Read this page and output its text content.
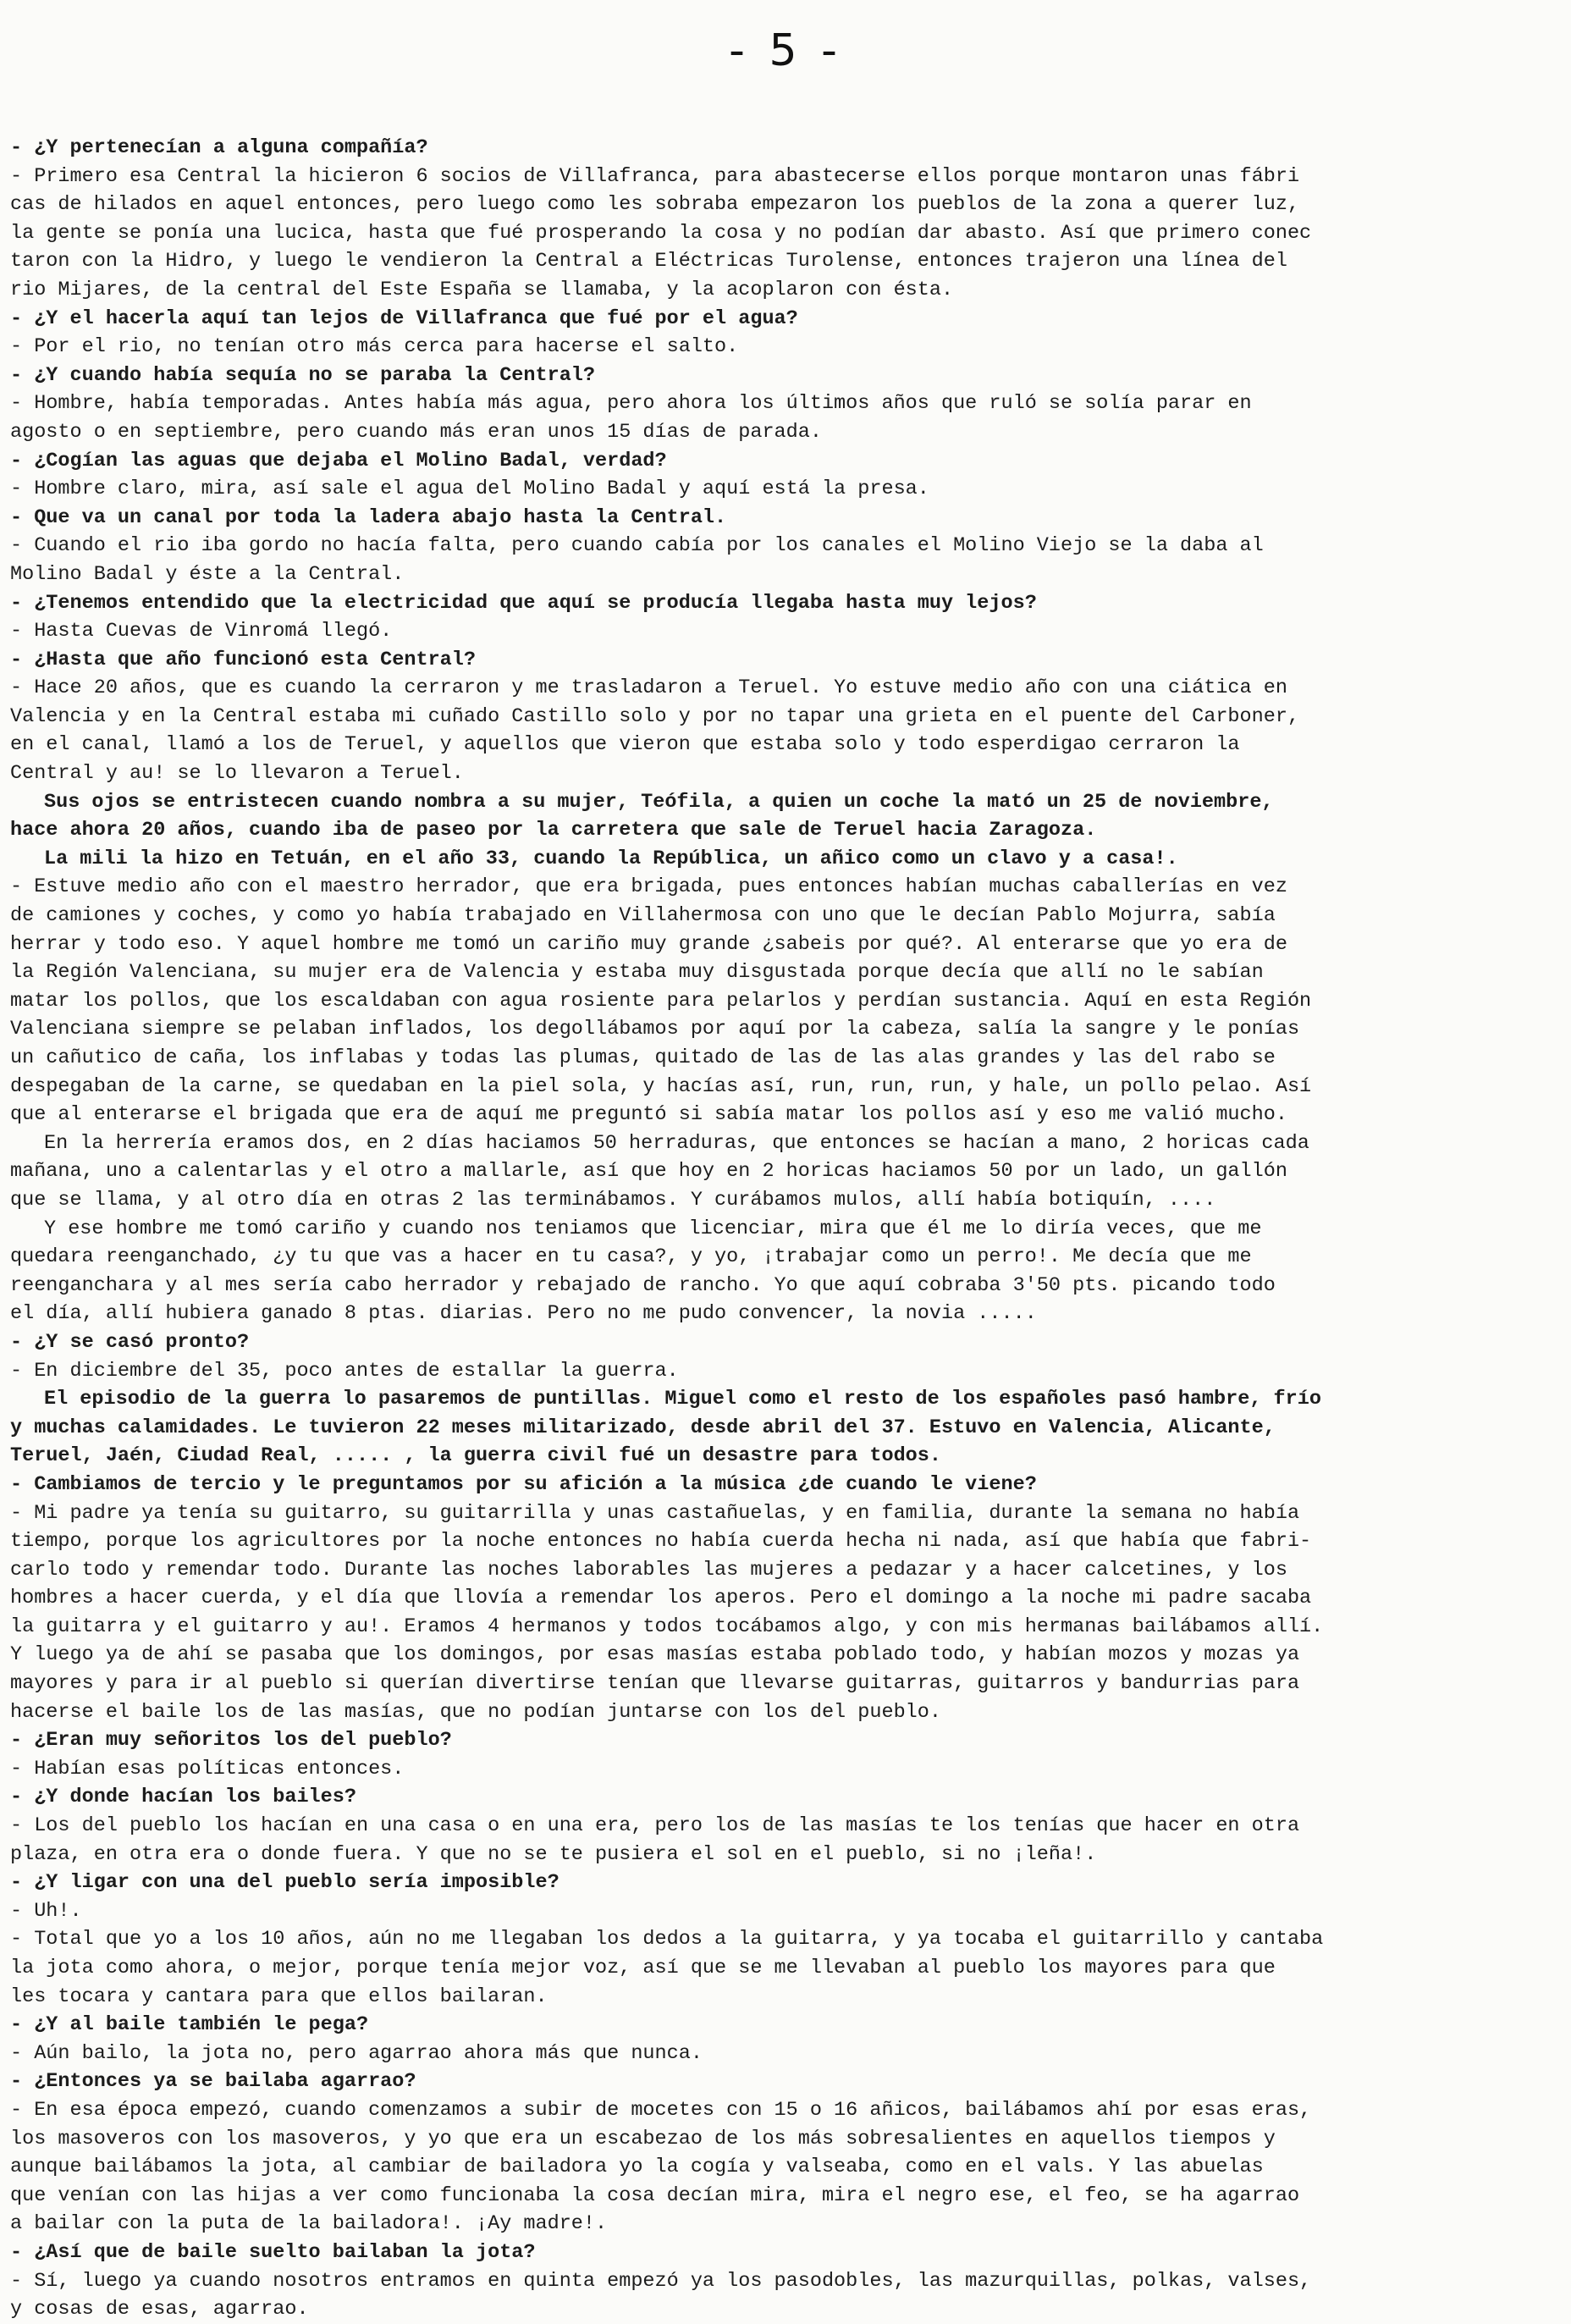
- 5 -
- ¿Y pertenecían a alguna compañía?
- Primero esa Central la hicieron 6 socios de Villafranca, para abastecerse ellos porque montaron unas fábri
cas de hilados en aquel entonces, pero luego como les sobraba empezaron los pueblos de la zona a querer luz,
la gente se ponía una lucica, hasta que fué prosperando la cosa y no podían dar abasto. Así que primero conec
taron con la Hidro, y luego le vendieron la Central a Eléctricas Turolense, entonces trajeron una línea del
rio Mijares, de la central del Este España se llamaba, y la acoplaron con ésta.
- ¿Y el hacerla aquí tan lejos de Villafranca que fué por el agua?
- Por el rio, no tenían otro más cerca para hacerse el salto.
- ¿Y cuando había sequía no se paraba la Central?
- Hombre, había temporadas. Antes había más agua, pero ahora los últimos años que ruló se solía parar en
agosto o en septiembre, pero cuando más eran unos 15 días de parada.
- ¿Cogían las aguas que dejaba el Molino Badal, verdad?
- Hombre claro, mira, así sale el agua del Molino Badal y aquí está la presa.
- Que va un canal por toda la ladera abajo hasta la Central.
- Cuando el rio iba gordo no hacía falta, pero cuando cabía por los canales el Molino Viejo se la daba al
Molino Badal y éste a la Central.
- ¿Tenemos entendido que la electricidad que aquí se producía llegaba hasta muy lejos?
- Hasta Cuevas de Vinromá llegó.
- ¿Hasta que año funcionó esta Central?
- Hace 20 años, que es cuando la cerraron y me trasladaron a Teruel. Yo estuve medio año con una ciática en
Valencia y en la Central estaba mi cuñado Castillo solo y por no tapar una grieta en el puente del Carboner,
en el canal, llamó a los de Teruel, y aquellos que vieron que estaba solo y todo esperdigao cerraron la
Central y au! se lo llevaron a Teruel.
Sus ojos se entristecen cuando nombra a su mujer, Teófila, a quien un coche la mató un 25 de noviembre,
hace ahora 20 años, cuando iba de paseo por la carretera que sale de Teruel hacia Zaragoza.
La mili la hizo en Tetuán, en el año 33, cuando la República, un añico como un clavo y a casa!.
- Estuve medio año con el maestro herrador, que era brigada, pues entonces habían muchas caballerías en vez
de camiones y coches, y como yo había trabajado en Villahermosa con uno que le decían Pablo Mojurra, sabía
herrar y todo eso. Y aquel hombre me tomó un cariño muy grande ¿sabeis por qué?. Al enterarse que yo era de
la Región Valenciana, su mujer era de Valencia y estaba muy disgustada porque decía que allí no le sabían
matar los pollos, que los escaldaban con agua rosiente para pelarlos y perdían sustancia. Aquí en esta Región
Valenciana siempre se pelaban inflados, los degollábamos por aquí por la cabeza, salía la sangre y le ponías
un cañutico de caña, los inflabas y todas las plumas, quitado de las de las alas grandes y las del rabo se
despegaban de la carne, se quedaban en la piel sola, y hacías así, run, run, run, y hale, un pollo pelao. Así
que al enterarse el brigada que era de aquí me preguntó si sabía matar los pollos así y eso me valió mucho.
En la herrería eramos dos, en 2 días haciamos 50 herraduras, que entonces se hacían a mano, 2 horicas cada
mañana, uno a calentarlas y el otro a mallarle, así que hoy en 2 horicas haciamos 50 por un lado, un gallón
que se llama, y al otro día en otras 2 las terminábamos. Y curábamos mulos, allí había botiquín, ....
Y ese hombre me tomó cariño y cuando nos teniamos que licenciar, mira que él me lo diría veces, que me
quedara reenganchado, ¿y tu que vas a hacer en tu casa?, y yo, ¡trabajar como un perro!. Me decía que me
reenganchara y al mes sería cabo herrador y rebajado de rancho. Yo que aquí cobraba 3'50 pts. picando todo
el día, allí hubiera ganado 8 ptas. diarias. Pero no me pudo convencer, la novia .....
- ¿Y se casó pronto?
- En diciembre del 35, poco antes de estallar la guerra.
El episodio de la guerra lo pasaremos de puntillas. Miguel como el resto de los españoles pasó hambre, frío
y muchas calamidades. Le tuvieron 22 meses militarizado, desde abril del 37. Estuvo en Valencia, Alicante,
Teruel, Jaén, Ciudad Real, ..... , la guerra civil fué un desastre para todos.
- Cambiamos de tercio y le preguntamos por su afición a la música ¿de cuando le viene?
- Mi padre ya tenía su guitarro, su guitarrilla y unas castañuelas, y en familia, durante la semana no había
tiempo, porque los agricultores por la noche entonces no había cuerda hecha ni nada, así que había que fabri-
carlo todo y remendar todo. Durante las noches laborables las mujeres a pedazar y a hacer calcetines, y los
hombres a hacer cuerda, y el día que llovía a remendar los aperos. Pero el domingo a la noche mi padre sacaba
la guitarra y el guitarro y au!. Eramos 4 hermanos y todos tocábamos algo, y con mis hermanas bailábamos allí.
Y luego ya de ahí se pasaba que los domingos, por esas masías estaba poblado todo, y habían mozos y mozas ya
mayores y para ir al pueblo si querían divertirse tenían que llevarse guitarras, guitarros y bandurrias para
hacerse el baile los de las masías, que no podían juntarse con los del pueblo.
- ¿Eran muy señoritos los del pueblo?
- Habían esas políticas entonces.
- ¿Y donde hacían los bailes?
- Los del pueblo los hacían en una casa o en una era, pero los de las masías te los tenías que hacer en otra
plaza, en otra era o donde fuera. Y que no se te pusiera el sol en el pueblo, si no ¡leña!.
- ¿Y ligar con una del pueblo sería imposible?
- Uh!.
- Total que yo a los 10 años, aún no me llegaban los dedos a la guitarra, y ya tocaba el guitarrillo y cantaba
la jota como ahora, o mejor, porque tenía mejor voz, así que se me llevaban al pueblo los mayores para que
les tocara y cantara para que ellos bailaran.
- ¿Y al baile también le pega?
- Aún bailo, la jota no, pero agarrao ahora más que nunca.
- ¿Entonces ya se bailaba agarrao?
- En esa época empezó, cuando comenzamos a subir de mocetes con 15 o 16 añicos, bailábamos ahí por esas eras,
los masoveros con los masoveros, y yo que era un escabezao de los más sobresalientes en aquellos tiempos y
aunque bailábamos la jota, al cambiar de bailadora yo la cogía y valseaba, como en el vals. Y las abuelas
que venían con las hijas a ver como funcionaba la cosa decían mira, mira el negro ese, el feo, se ha agarrao
a bailar con la puta de la bailadora!. ¡Ay madre!.
- ¿Así que de baile suelto bailaban la jota?
- Sí, luego ya cuando nosotros entramos en quinta empezó ya los pasodobles, las mazurquillas, polkas, valses,
y cosas de esas, agarrao.
